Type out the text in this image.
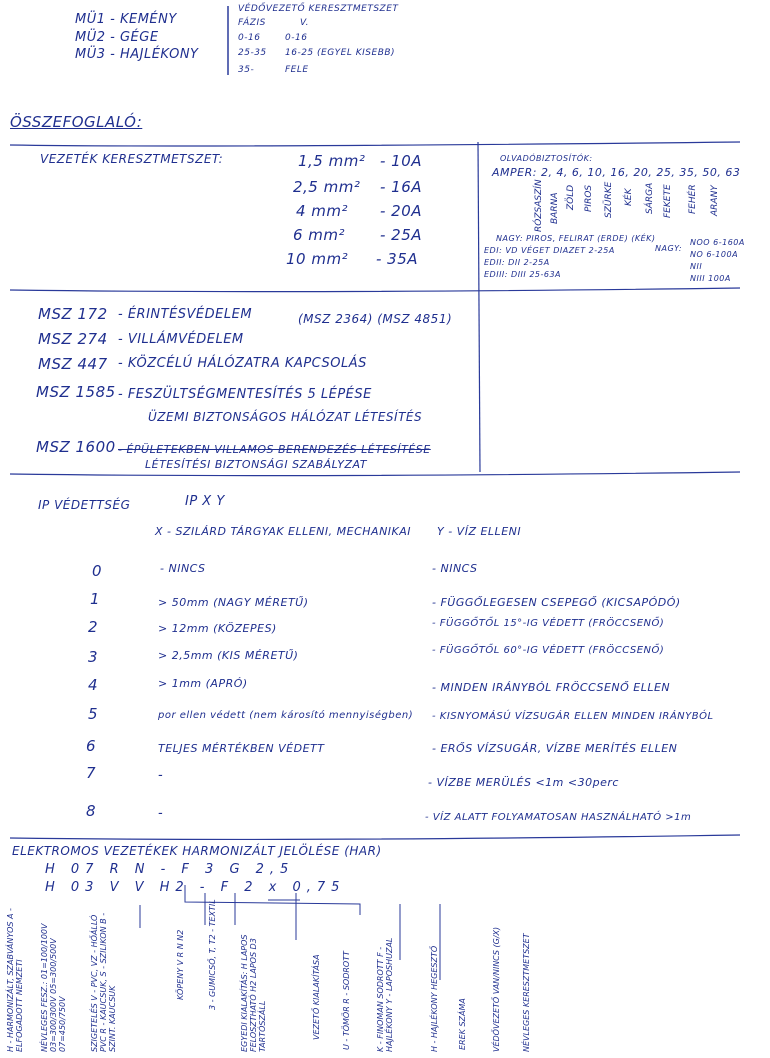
MÜ1 - KEMÉNY
MÜ2 - GÉGE
MÜ3 - HAJLÉKONY
VÉDŐVEZETŐ KERESZTMETSZET
FÁZIS	V.
0-16	0-16
25-35 16-25 (EGYEL KISEBB)
35-	FELE
ÖSSZEFOGLALÓ:
VEZETÉK KERESZTMETSZET:	1,5 mm² - 10A
2,5 mm² - 16A
4 mm² - 20A
6 mm² - 25A
10 mm² - 35A
OLVADÓBIZTOSÍTÓK:
AMPER: 2, 4, 6, 10, 16, 20, 25, 35, 50, 63
RÓZSASZÍN BARNA ZÖLD PIROS SZÜRKE KÉK SÁRGA FEKETE FEHÉR ARANY
NAGY: PIROS, FELIRAT (ERDE) (KÉK)
EDI: VD VÉGET DIAZET 2-25A
EDII: DII 2-25A
EDIII: DIII 25-63A
NAGY:
NOO 6-160A
NO 6-100A
NII
NIII 100A
MSZ 172 - ÉRINTÉSVÉDELEM	(MSZ 2364) (MSZ 4851)
MSZ 274 - VILLÁMVÉDELEM
MSZ 447 - KÖZCÉLÚ HÁLÓZATRA KAPCSOLÁS
MSZ 1585 - FESZÜLTSÉGMENTESÍTÉS 5 LÉPÉSE
ÜZEMI BIZTONSÁGOS HÁLÓZAT LÉTESÍTÉS
MSZ 1600 - ÉPÜLETEKBEN VILLAMOS BERENDEZÉS LÉTESÍTÉSE
LÉTESÍTÉSI BIZTONSÁGI SZABÁLYZAT
IP VÉDETTSÉG	IP X Y
X - SZILÁRD TÁRGYAK ELLENI, MECHANIKAI Y - VÍZ ELLENI
0	- NINCS	- NINCS
1	> 50mm (NAGY MÉRETŰ)	- FÜGGŐLEGESEN CSEPEGŐ (KICSAPÓDÓ)
2	> 12mm (KÖZEPES)	- FÜGGŐTŐL 15°-IG VÉDETT (FRÖCCSENŐ)
3	> 2,5mm (KIS MÉRETŰ)	- FÜGGŐTŐL 60°-IG VÉDETT (FRÖCCSENŐ)
4	> 1mm (APRÓ)	- MINDEN IRÁNYBÓL FRÖCCSENŐ ELLEN
5	por ellen védett (nem károsító mennyiségben) - KISNYOMÁSÚ VÍZSUGÁR ELLEN MINDEN IRÁNYBÓL
6	TELJES MÉRTÉKBEN VÉDETT	- ERŐS VÍZSUGÁR, VÍZBE MERÍTÉS ELLEN
7	-	- VÍZBE MERÜLÉS <1m <30perc
8	-	- VÍZ ALATT FOLYAMATOSAN HASZNÁLHATÓ >1m
ELEKTROMOS VEZETÉKEK HARMONIZÁLT JELÖLÉSE (HAR)
H 07 R N - F 3 G 2,5
H 03 V V H2 - F 2 x 0,75
H - HARMONIZÁLT, SZABVÁNYOS A - ELFOGADOTT NEMZETI NÉVLEGES FESZ.: 01=100/100V 03=300/300V 05=300/500V 07=450/750V	SZIGETELÉS V - PVC, VZ - HŐÁLLÓ PVC R - KAUCSUK, S - SZILIKON B - SZINT. KAUCSUK
KÖPENY V R N N2	3 - GUMICSŐ, T, T2 - TEXTIL	EGYEDI KIALAKÍTÁS: H LAPOS FELOSZTHATÓ H2 LAPOS D3 TARTÓSZÁLL	VEZETŐ KIALAKÍTÁSA	U - TÖMÖR R - SODROTT	K - FINOMAN SODROTT F - HAJLÉKONY Y - LAPOSHUZAL	H - HAJLÉKONY HEGESZTŐ EREK SZÁMA	VÉDŐVEZETŐ VAN/NINCS (G/X)	NÉVLEGES KERESZTMETSZET
